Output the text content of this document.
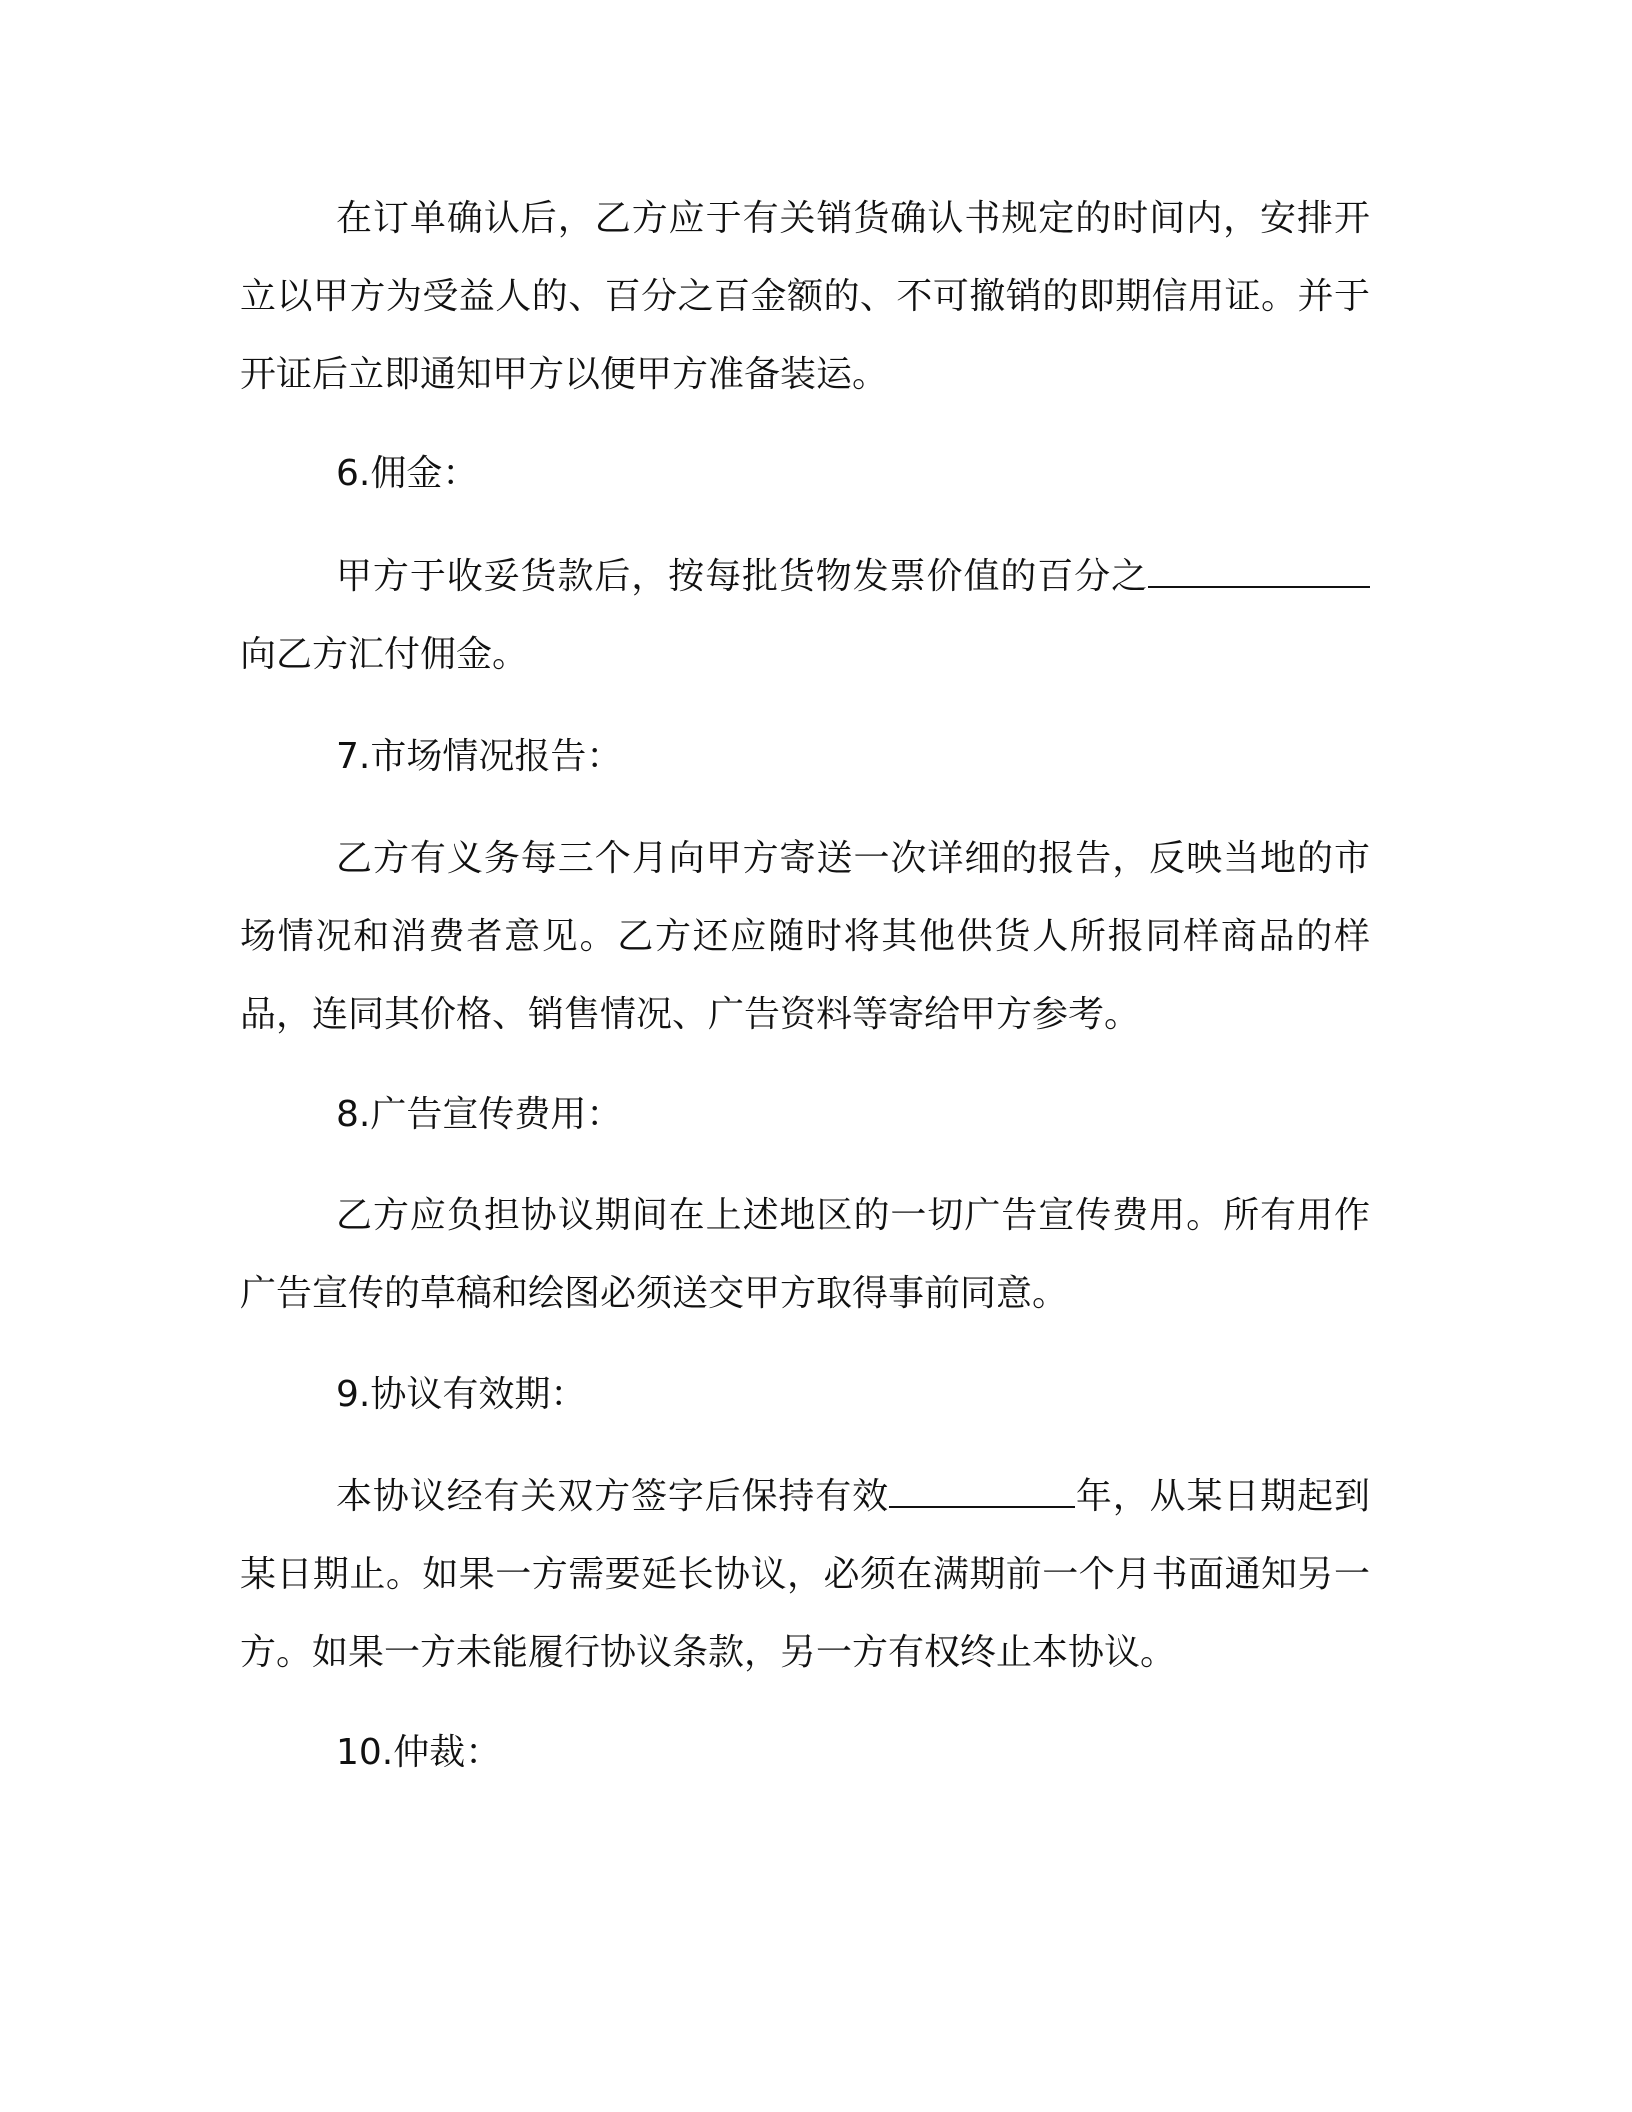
在订单确认后，乙方应于有关销货确认书规定的时间内，安排开立以甲方为受益人的、百分之百金额的、不可撤销的即期信用证。并于开证后立即通知甲方以便甲方准备装运。

6.佣金：

甲方于收妥货款后，按每批货物发票价值的百分之向乙方汇付佣金。

7.市场情况报告：

乙方有义务每三个月向甲方寄送一次详细的报告，反映当地的市场情况和消费者意见。乙方还应随时将其他供货人所报同样商品的样品，连同其价格、销售情况、广告资料等寄给甲方参考。

8.广告宣传费用：

乙方应负担协议期间在上述地区的一切广告宣传费用。所有用作广告宣传的草稿和绘图必须送交甲方取得事前同意。

9.协议有效期：

本协议经有关双方签字后保持有效	年，从某日期起到某日期止。如果一方需要延长协议，必须在满期前一个月书面通知另一方。如果一方未能履行协议条款，另一方有权终止本协议。

10.仲裁：
